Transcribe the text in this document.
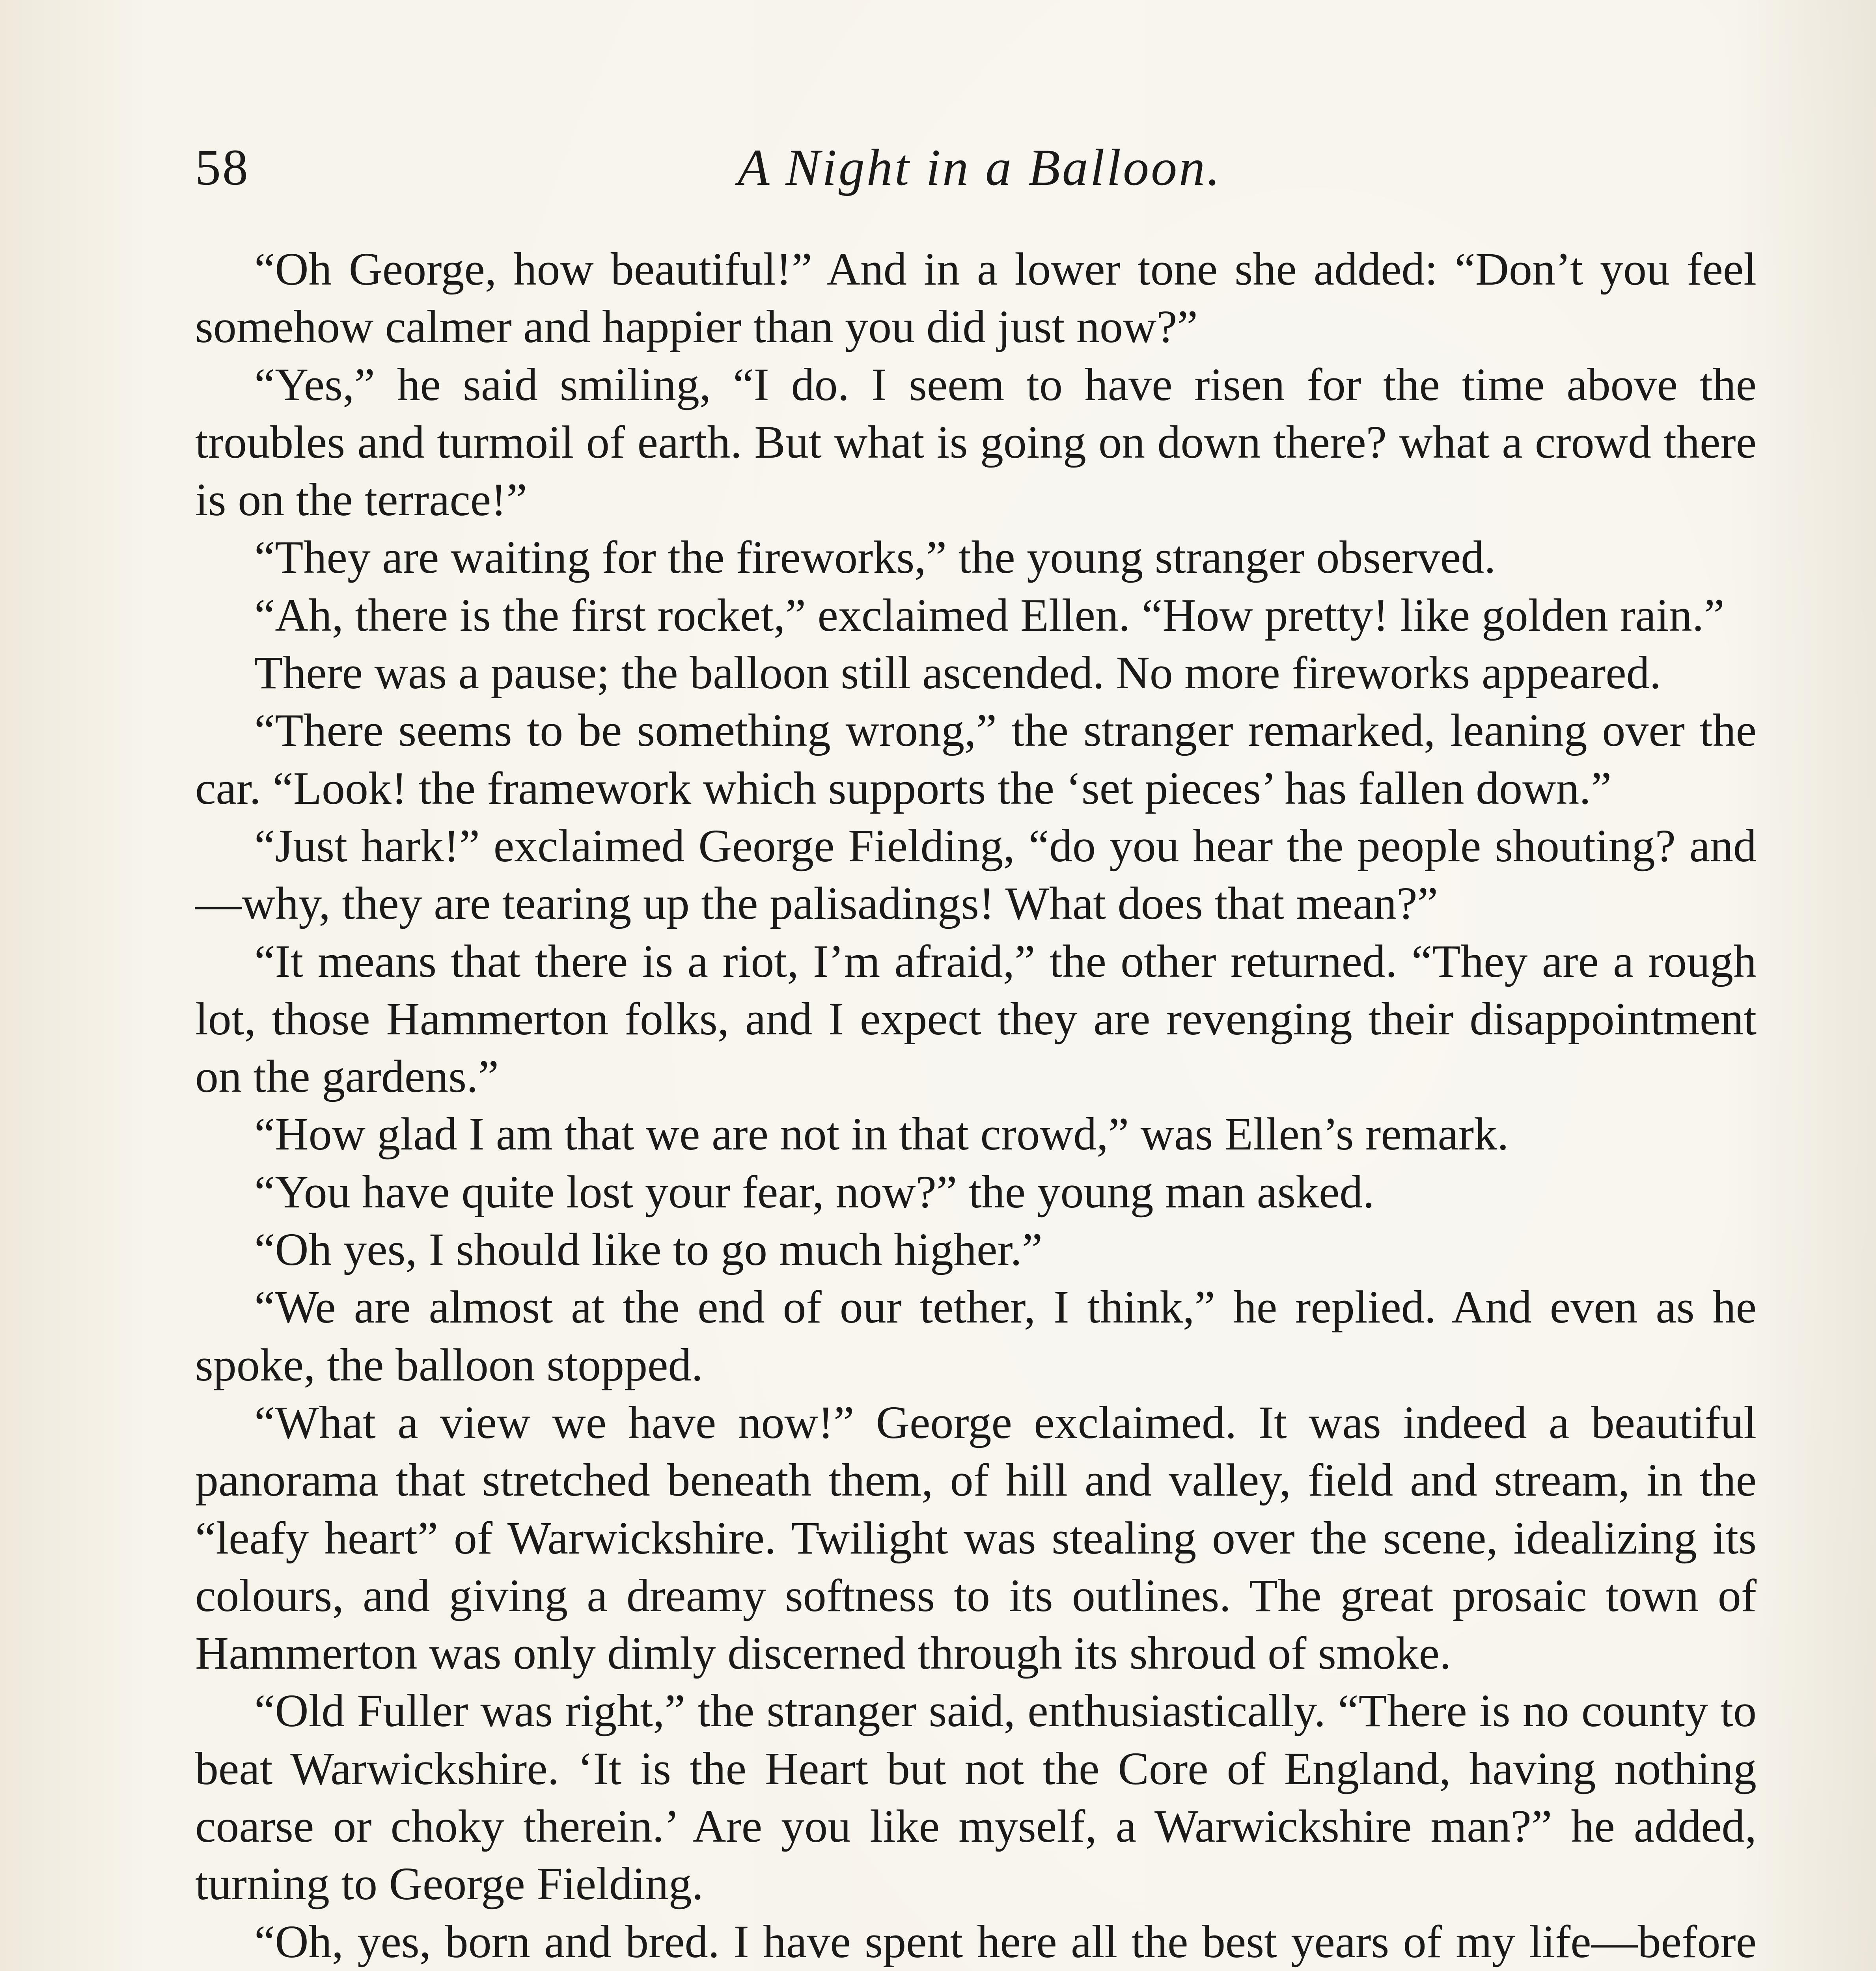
58	A Night in a Balloon.

“Oh George, how beautiful!” And in a lower tone she added: “Don’t you feel somehow calmer and happier than you did just now?”

“Yes,” he said smiling, “I do. I seem to have risen for the time above the troubles and turmoil of earth. But what is going on down there? what a crowd there is on the terrace!”

“They are waiting for the fireworks,” the young stranger observed.

“Ah, there is the first rocket,” exclaimed Ellen. “How pretty! like golden rain.”

There was a pause; the balloon still ascended. No more fireworks appeared.

“There seems to be something wrong,” the stranger remarked, leaning over the car. “Look! the framework which supports the ‘set pieces’ has fallen down.”

“Just hark!” exclaimed George Fielding, “do you hear the people shouting? and—why, they are tearing up the palisadings! What does that mean?”

“It means that there is a riot, I’m afraid,” the other returned. “They are a rough lot, those Hammerton folks, and I expect they are revenging their disappointment on the gardens.”

“How glad I am that we are not in that crowd,” was Ellen’s remark.

“You have quite lost your fear, now?” the young man asked.

“Oh yes, I should like to go much higher.”

“We are almost at the end of our tether, I think,” he replied. And even as he spoke, the balloon stopped.

“What a view we have now!” George exclaimed. It was indeed a beautiful panorama that stretched beneath them, of hill and valley, field and stream, in the “leafy heart” of Warwickshire. Twilight was stealing over the scene, idealizing its colours, and giving a dreamy softness to its outlines. The great prosaic town of Hammerton was only dimly discerned through its shroud of smoke.

“Old Fuller was right,” the stranger said, enthusiastically. “There is no county to beat Warwickshire. ‘It is the Heart but not the Core of England, having nothing coarse or choky therein.’ Are you like myself, a Warwickshire man?” he added, turning to George Fielding.

“Oh, yes, born and bred. I have spent here all the best years of my life—before
